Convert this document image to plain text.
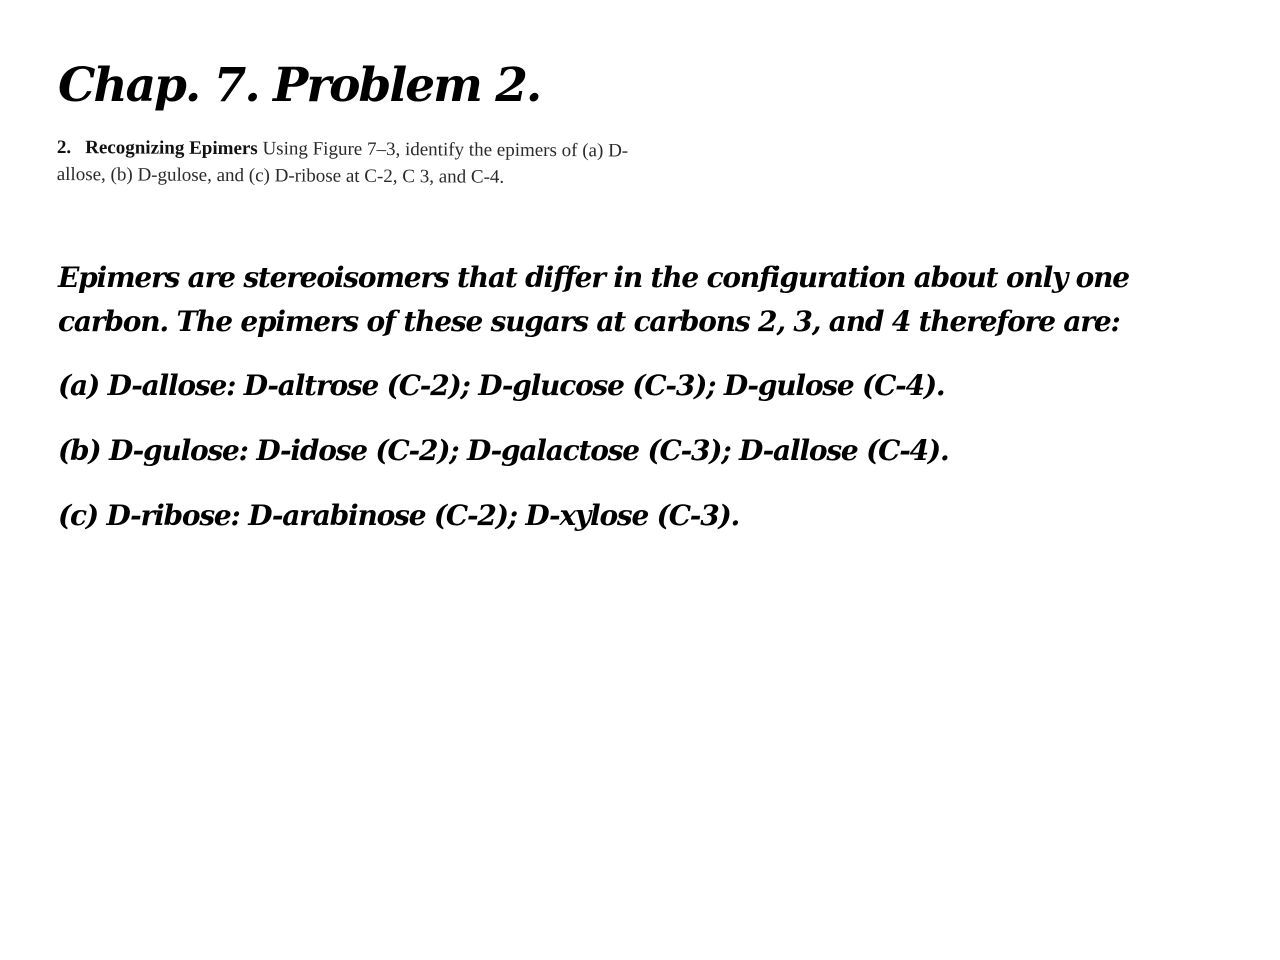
Chap. 7. Problem 2.
2. Recognizing Epimers Using Figure 7–3, identify the epimers of (a) D-allose, (b) D-gulose, and (c) D-ribose at C-2, C 3, and C-4.

Epimers are stereoisomers that differ in the configuration about only one carbon. The epimers of these sugars at carbons 2, 3, and 4 therefore are:

(a) D-allose: D-altrose (C-2); D-glucose (C-3); D-gulose (C-4).

(b) D-gulose: D-idose (C-2); D-galactose (C-3); D-allose (C-4).

(c) D-ribose: D-arabinose (C-2); D-xylose (C-3).
